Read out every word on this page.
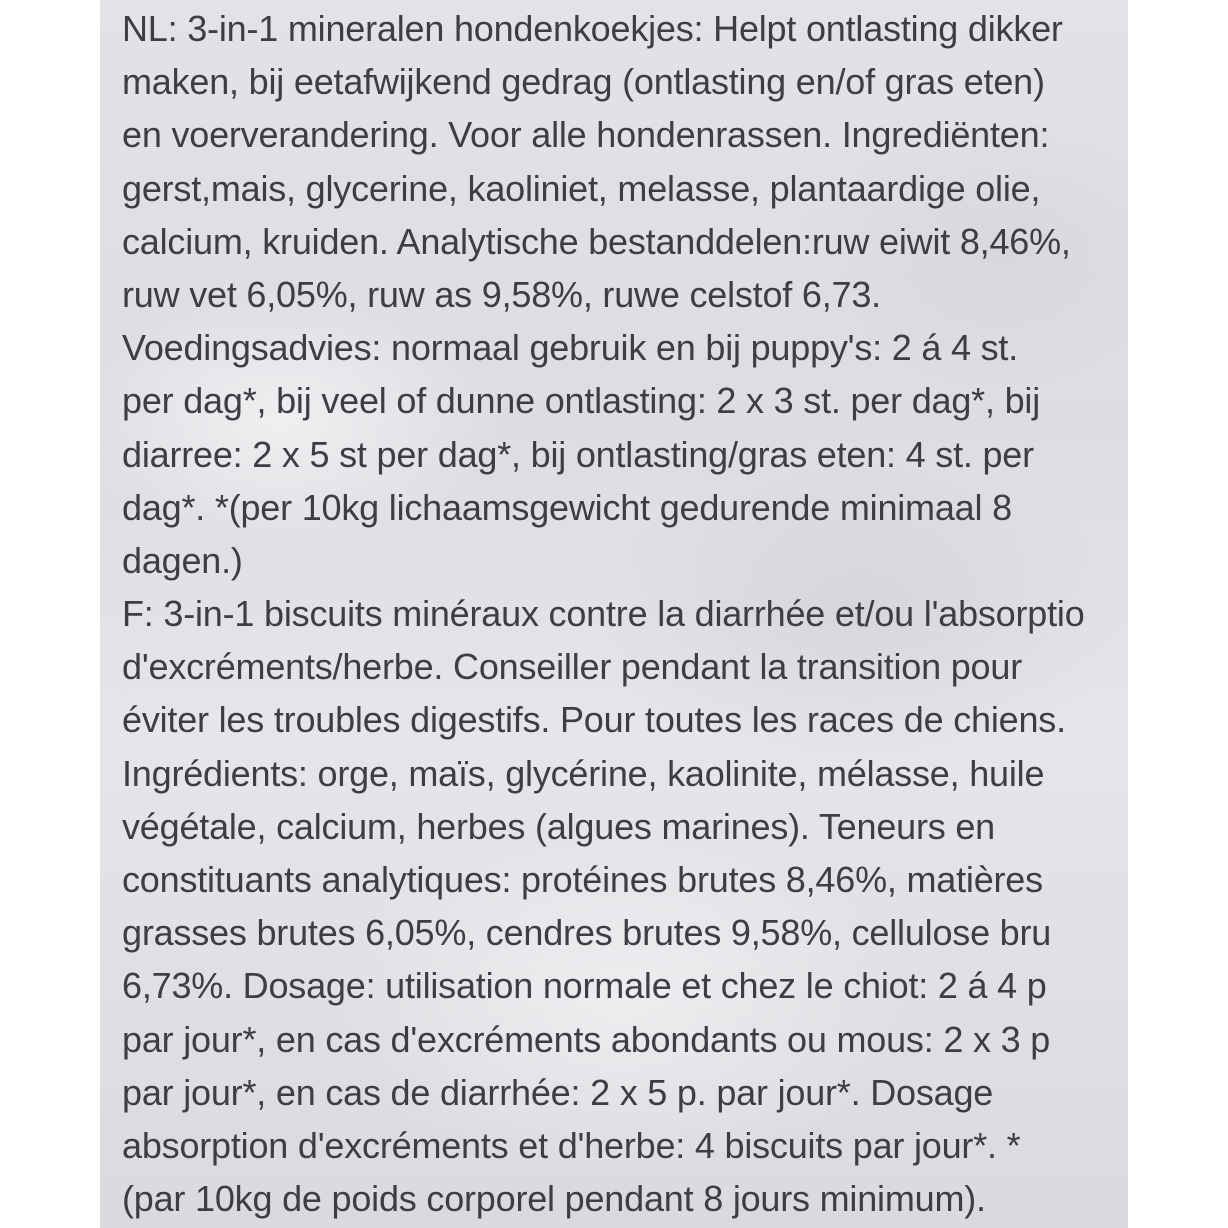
NL: 3-in-1 mineralen hondenkoekjes: Helpt ontlasting dikker
maken, bij eetafwijkend gedrag (ontlasting en/of gras eten)
en voerverandering. Voor alle hondenrassen. Ingrediënten:
gerst,mais, glycerine, kaoliniet, melasse, plantaardige olie,
calcium, kruiden. Analytische bestanddelen:ruw eiwit 8,46%,
ruw vet 6,05%, ruw as 9,58%, ruwe celstof 6,73.
Voedingsadvies: normaal gebruik en bij puppy's: 2 á 4 st.
per dag*, bij veel of dunne ontlasting: 2 x 3 st. per dag*, bij
diarree: 2 x 5 st per dag*, bij ontlasting/gras eten: 4 st. per
dag*. *(per 10kg lichaamsgewicht gedurende minimaal 8
dagen.)
F: 3-in-1 biscuits minéraux contre la diarrhée et/ou l'absorptio
d'excréments/herbe. Conseiller pendant la transition pour
éviter les troubles digestifs. Pour toutes les races de chiens.
Ingrédients: orge, maïs, glycérine, kaolinite, mélasse, huile
végétale, calcium, herbes (algues marines). Teneurs en
constituants analytiques: protéines brutes 8,46%, matières
grasses brutes 6,05%, cendres brutes 9,58%, cellulose bru
6,73%. Dosage: utilisation normale et chez le chiot: 2 á 4 p
par jour*, en cas d'excréments abondants ou mous: 2 x 3 p
par jour*, en cas de diarrhée: 2 x 5 p. par jour*. Dosage
absorption d'excréments et d'herbe: 4 biscuits par jour*. *
(par 10kg de poids corporel pendant 8 jours minimum).
